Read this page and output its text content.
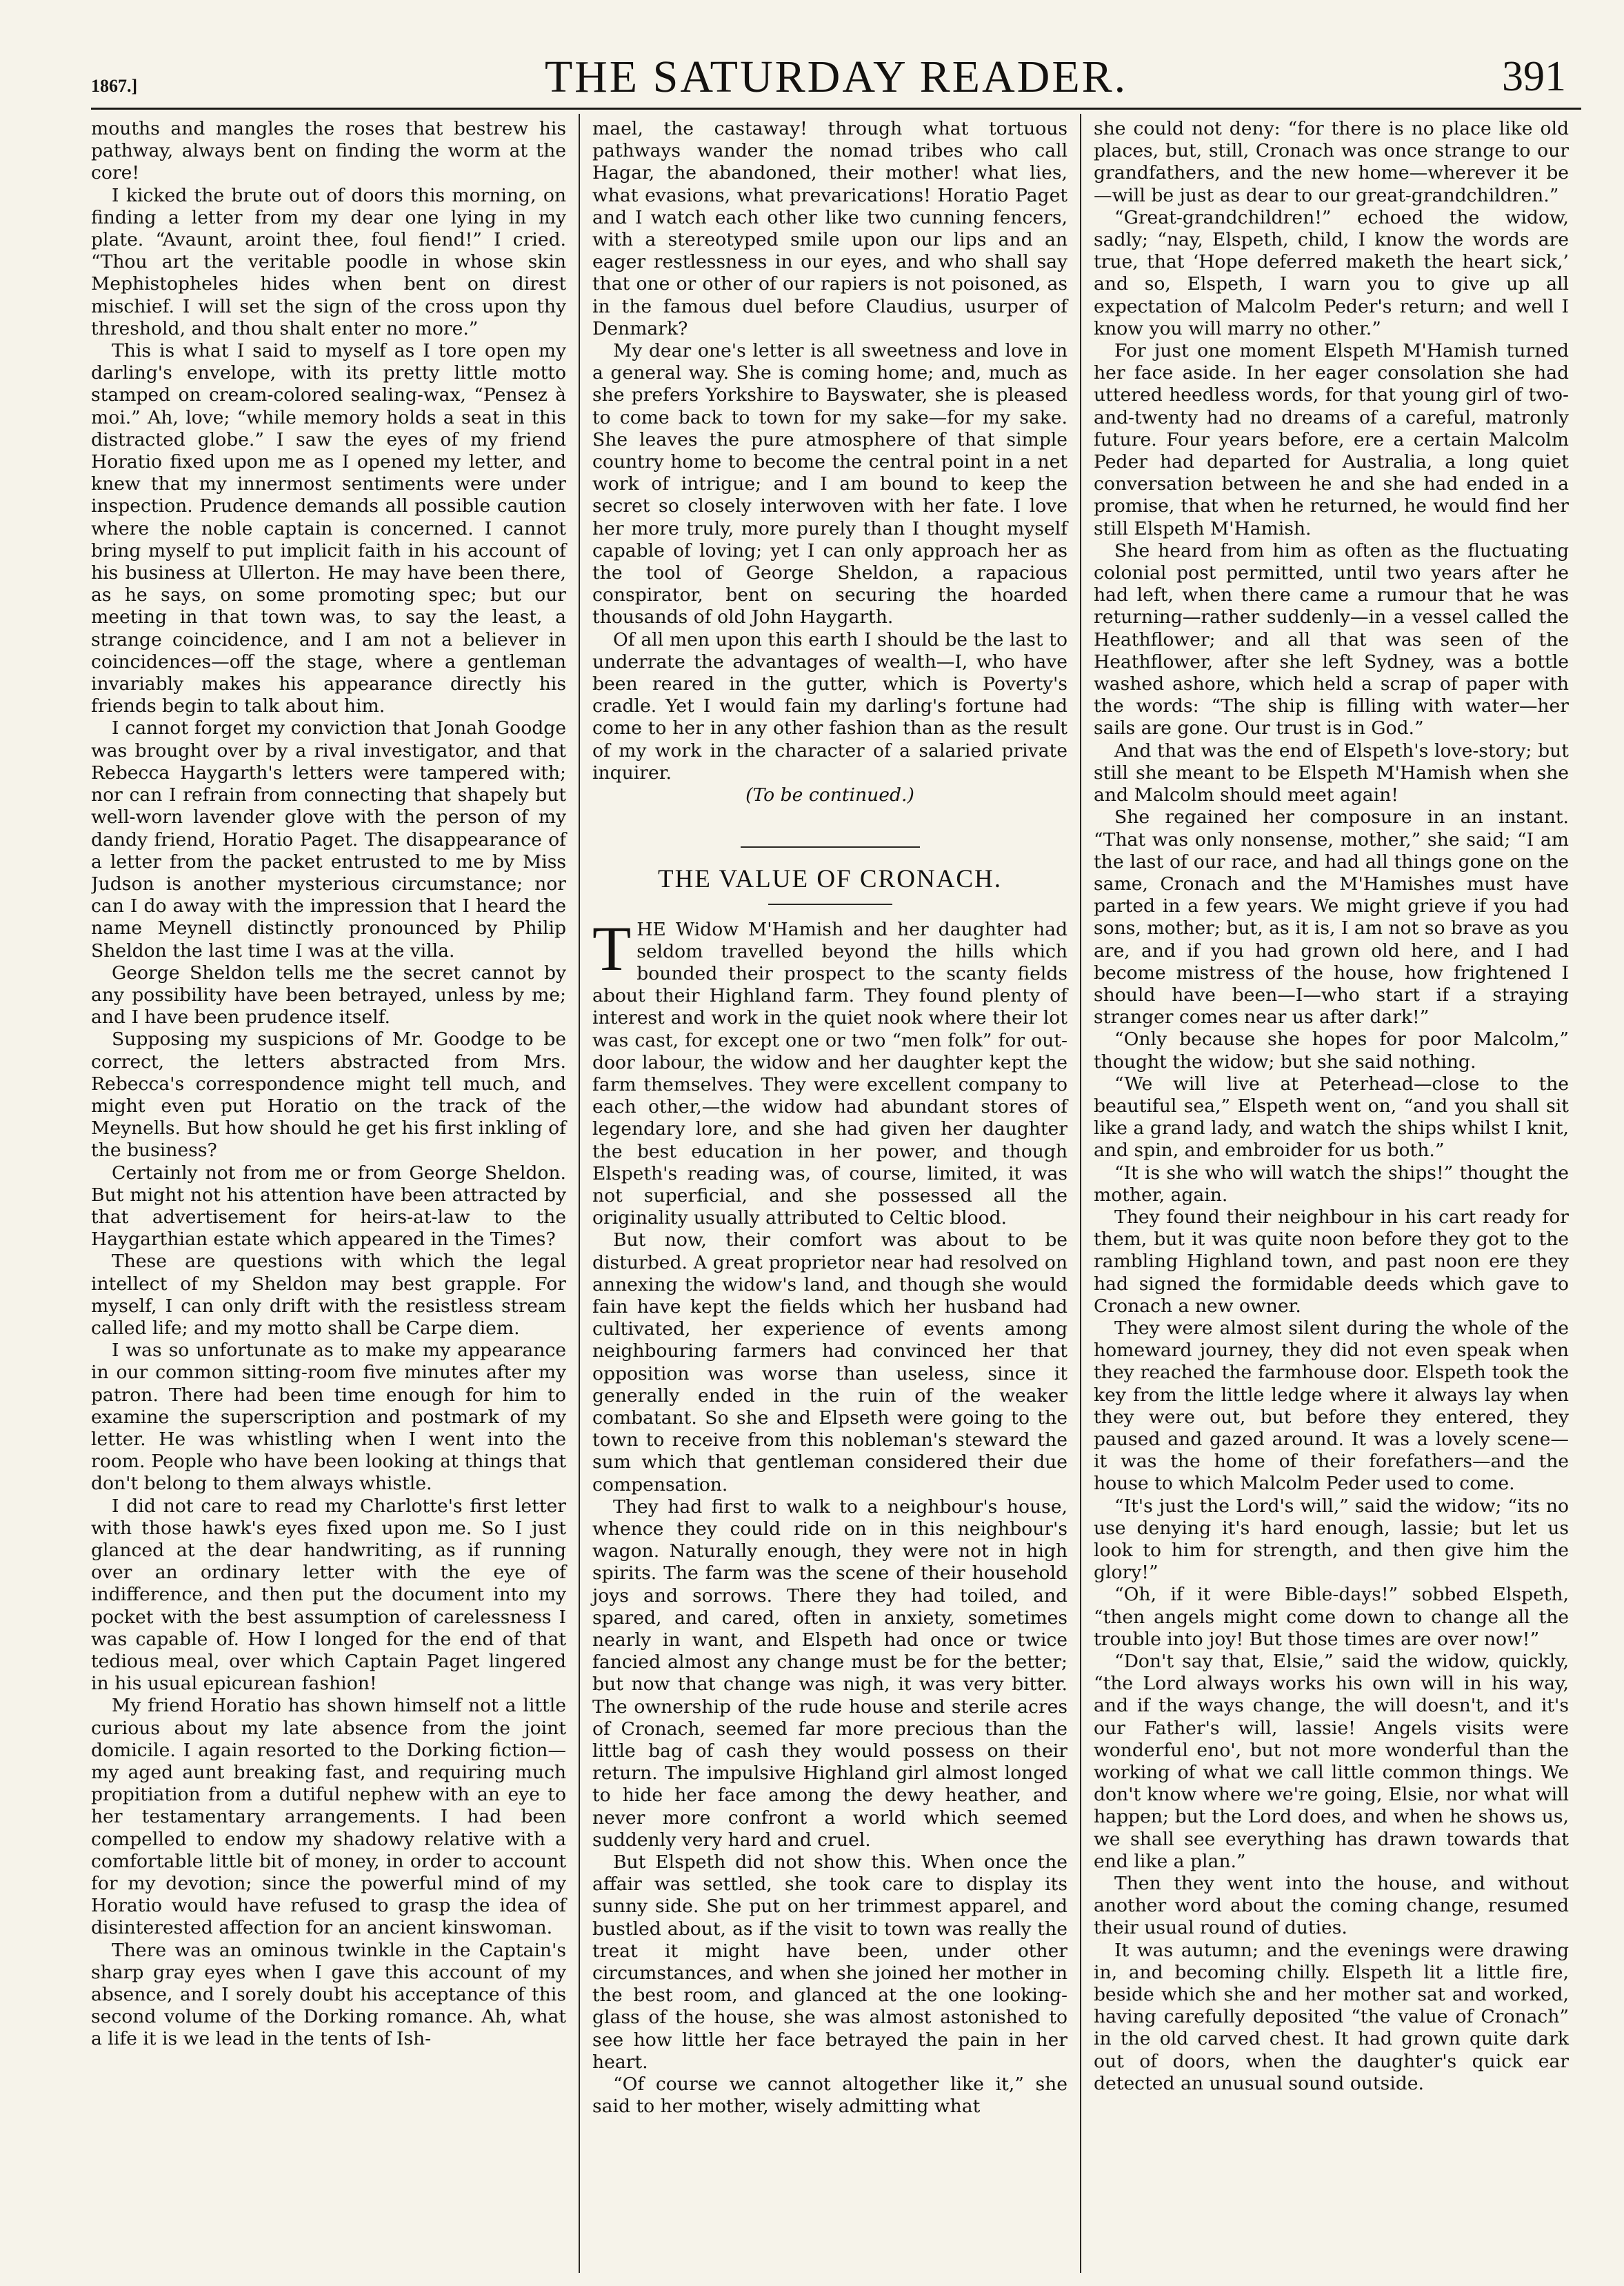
1867.]	THE SATURDAY READER.	391

mouths and mangles the roses that bestrew his pathway, always bent on finding the worm at the core!

I kicked the brute out of doors this morning, on finding a letter from my dear one lying in my plate. “Avaunt, aroint thee, foul fiend!” I cried. “Thou art the veritable poodle in whose skin Mephistopheles hides when bent on direst mischief. I will set the sign of the cross upon thy threshold, and thou shalt enter no more.”

This is what I said to myself as I tore open my darling's envelope, with its pretty little motto stamped on cream-colored sealing-wax, “Pensez à moi.” Ah, love; “while memory holds a seat in this distracted globe.” I saw the eyes of my friend Horatio fixed upon me as I opened my letter, and knew that my innermost sentiments were under inspection. Prudence demands all possible caution where the noble captain is concerned. I cannot bring myself to put implicit faith in his account of his business at Ullerton. He may have been there, as he says, on some promoting spec; but our meeting in that town was, to say the least, a strange coincidence, and I am not a believer in coincidences—off the stage, where a gentleman invariably makes his appearance directly his friends begin to talk about him.

I cannot forget my conviction that Jonah Goodge was brought over by a rival investigator, and that Rebecca Haygarth's letters were tampered with; nor can I refrain from connecting that shapely but well-worn lavender glove with the person of my dandy friend, Horatio Paget. The disappearance of a letter from the packet entrusted to me by Miss Judson is another mysterious circumstance; nor can I do away with the impression that I heard the name Meynell distinctly pronounced by Philip Sheldon the last time I was at the villa.

George Sheldon tells me the secret cannot by any possibility have been betrayed, unless by me; and I have been prudence itself.

Supposing my suspicions of Mr. Goodge to be correct, the letters abstracted from Mrs. Rebecca's correspondence might tell much, and might even put Horatio on the track of the Meynells. But how should he get his first inkling of the business?

Certainly not from me or from George Sheldon. But might not his attention have been attracted by that advertisement for heirs-at-law to the Haygarthian estate which appeared in the Times?

These are questions with which the legal intellect of my Sheldon may best grapple. For myself, I can only drift with the resistless stream called life; and my motto shall be Carpe diem.

I was so unfortunate as to make my appearance in our common sitting-room five minutes after my patron. There had been time enough for him to examine the superscription and postmark of my letter. He was whistling when I went into the room. People who have been looking at things that don't belong to them always whistle.

I did not care to read my Charlotte's first letter with those hawk's eyes fixed upon me. So I just glanced at the dear handwriting, as if running over an ordinary letter with the eye of indifference, and then put the document into my pocket with the best assumption of carelessness I was capable of. How I longed for the end of that tedious meal, over which Captain Paget lingered in his usual epicurean fashion!

My friend Horatio has shown himself not a little curious about my late absence from the joint domicile. I again resorted to the Dorking fiction—my aged aunt breaking fast, and requiring much propitiation from a dutiful nephew with an eye to her testamentary arrangements. I had been compelled to endow my shadowy relative with a comfortable little bit of money, in order to account for my devotion; since the powerful mind of my Horatio would have refused to grasp the idea of disinterested affection for an ancient kinswoman.

There was an ominous twinkle in the Captain's sharp gray eyes when I gave this account of my absence, and I sorely doubt his acceptance of this second volume of the Dorking romance. Ah, what a life it is we lead in the tents of Ish-

mael, the castaway! through what tortuous pathways wander the nomad tribes who call Hagar, the abandoned, their mother! what lies, what evasions, what prevarications! Horatio Paget and I watch each other like two cunning fencers, with a stereotyped smile upon our lips and an eager restlessness in our eyes, and who shall say that one or other of our rapiers is not poisoned, as in the famous duel before Claudius, usurper of Denmark?

My dear one's letter is all sweetness and love in a general way. She is coming home; and, much as she prefers Yorkshire to Bayswater, she is pleased to come back to town for my sake—for my sake. She leaves the pure atmosphere of that simple country home to become the central point in a net work of intrigue; and I am bound to keep the secret so closely interwoven with her fate. I love her more truly, more purely than I thought myself capable of loving; yet I can only approach her as the tool of George Sheldon, a rapacious conspirator, bent on securing the hoarded thousands of old John Haygarth.

Of all men upon this earth I should be the last to underrate the advantages of wealth—I, who have been reared in the gutter, which is Poverty's cradle. Yet I would fain my darling's fortune had come to her in any other fashion than as the result of my work in the character of a salaried private inquirer.

(To be continued.)

THE VALUE OF CRONACH.

THE Widow M'Hamish and her daughter had seldom travelled beyond the hills which bounded their prospect to the scanty fields about their Highland farm. They found plenty of interest and work in the quiet nook where their lot was cast, for except one or two “men folk” for out-door labour, the widow and her daughter kept the farm themselves. They were excellent company to each other,—the widow had abundant stores of legendary lore, and she had given her daughter the best education in her power, and though Elspeth's reading was, of course, limited, it was not superficial, and she possessed all the originality usually attributed to Celtic blood.

But now, their comfort was about to be disturbed. A great proprietor near had resolved on annexing the widow's land, and though she would fain have kept the fields which her husband had cultivated, her experience of events among neighbouring farmers had convinced her that opposition was worse than useless, since it generally ended in the ruin of the weaker combatant. So she and Elpseth were going to the town to receive from this nobleman's steward the sum which that gentleman considered their due compensation.

They had first to walk to a neighbour's house, whence they could ride on in this neighbour's wagon. Naturally enough, they were not in high spirits. The farm was the scene of their household joys and sorrows. There they had toiled, and spared, and cared, often in anxiety, sometimes nearly in want, and Elspeth had once or twice fancied almost any change must be for the better; but now that change was nigh, it was very bitter. The ownership of the rude house and sterile acres of Cronach, seemed far more precious than the little bag of cash they would possess on their return. The impulsive Highland girl almost longed to hide her face among the dewy heather, and never more confront a world which seemed suddenly very hard and cruel.

But Elspeth did not show this. When once the affair was settled, she took care to display its sunny side. She put on her trimmest apparel, and bustled about, as if the visit to town was really the treat it might have been, under other circumstances, and when she joined her mother in the best room, and glanced at the one looking-glass of the house, she was almost astonished to see how little her face betrayed the pain in her heart.

“Of course we cannot altogether like it,” she said to her mother, wisely admitting what

she could not deny: “for there is no place like old places, but, still, Cronach was once strange to our grandfathers, and the new home—wherever it be—will be just as dear to our great-grandchildren.”

“Great-grandchildren!” echoed the widow, sadly; “nay, Elspeth, child, I know the words are true, that ‘Hope deferred maketh the heart sick,’ and so, Elspeth, I warn you to give up all expectation of Malcolm Peder's return; and well I know you will marry no other.”

For just one moment Elspeth M'Hamish turned her face aside. In her eager consolation she had uttered heedless words, for that young girl of two-and-twenty had no dreams of a careful, matronly future. Four years before, ere a certain Malcolm Peder had departed for Australia, a long quiet conversation between he and she had ended in a promise, that when he returned, he would find her still Elspeth M'Hamish.

She heard from him as often as the fluctuating colonial post permitted, until two years after he had left, when there came a rumour that he was returning—rather suddenly—in a vessel called the Heathflower; and all that was seen of the Heathflower, after she left Sydney, was a bottle washed ashore, which held a scrap of paper with the words: “The ship is filling with water—her sails are gone. Our trust is in God.”

And that was the end of Elspeth's love-story; but still she meant to be Elspeth M'Hamish when she and Malcolm should meet again!

She regained her composure in an instant. “That was only nonsense, mother,” she said; “I am the last of our race, and had all things gone on the same, Cronach and the M'Hamishes must have parted in a few years. We might grieve if you had sons, mother; but, as it is, I am not so brave as you are, and if you had grown old here, and I had become mistress of the house, how frightened I should have been—I—who start if a straying stranger comes near us after dark!”

“Only because she hopes for poor Malcolm,” thought the widow; but she said nothing.

“We will live at Peterhead—close to the beautiful sea,” Elspeth went on, “and you shall sit like a grand lady, and watch the ships whilst I knit, and spin, and embroider for us both.”

“It is she who will watch the ships!” thought the mother, again.

They found their neighbour in his cart ready for them, but it was quite noon before they got to the rambling Highland town, and past noon ere they had signed the formidable deeds which gave to Cronach a new owner.

They were almost silent during the whole of the homeward journey, they did not even speak when they reached the farmhouse door. Elspeth took the key from the little ledge where it always lay when they were out, but before they entered, they paused and gazed around. It was a lovely scene—it was the home of their forefathers—and the house to which Malcolm Peder used to come.

“It's just the Lord's will,” said the widow; “its no use denying it's hard enough, lassie; but let us look to him for strength, and then give him the glory!”

“Oh, if it were Bible-days!” sobbed Elspeth, “then angels might come down to change all the trouble into joy! But those times are over now!”

“Don't say that, Elsie,” said the widow, quickly, “the Lord always works his own will in his way, and if the ways change, the will doesn't, and it's our Father's will, lassie! Angels visits were wonderful eno', but not more wonderful than the working of what we call little common things. We don't know where we're going, Elsie, nor what will happen; but the Lord does, and when he shows us, we shall see everything has drawn towards that end like a plan.”

Then they went into the house, and without another word about the coming change, resumed their usual round of duties.

It was autumn; and the evenings were drawing in, and becoming chilly. Elspeth lit a little fire, beside which she and her mother sat and worked, having carefully deposited “the value of Cronach” in the old carved chest. It had grown quite dark out of doors, when the daughter's quick ear detected an unusual sound outside.
